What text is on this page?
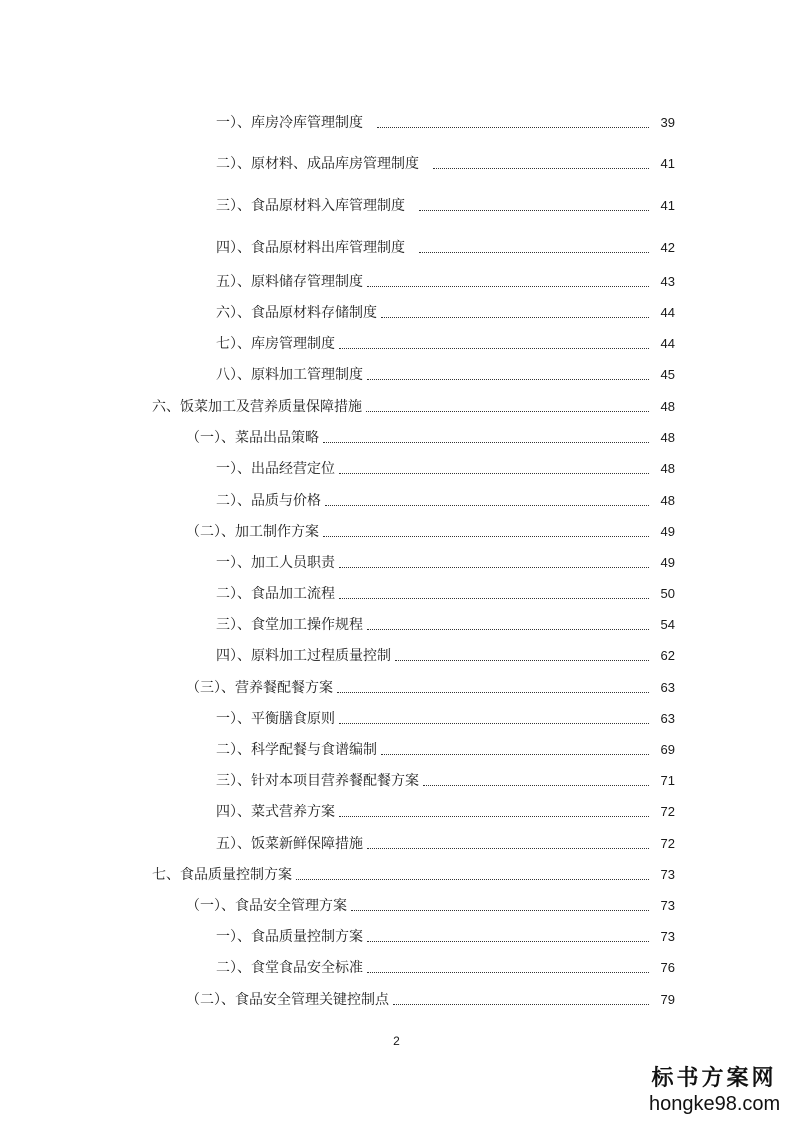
一）、库房冷库管理制度	39
二）、原材料、成品库房管理制度	41
三）、食品原材料入库管理制度	41
四）、食品原材料出库管理制度	42
五）、原料储存管理制度	43
六）、食品原材料存储制度	44
七）、库房管理制度	44
八）、原料加工管理制度	45
六、饭菜加工及营养质量保障措施	48
（一）、菜品出品策略	48
一）、出品经营定位	48
二）、品质与价格	48
（二）、加工制作方案	49
一）、加工人员职责	49
二）、食品加工流程	50
三）、食堂加工操作规程	54
四）、原料加工过程质量控制	62
（三）、营养餐配餐方案	63
一）、平衡膳食原则	63
二）、科学配餐与食谱编制	69
三）、针对本项目营养餐配餐方案	71
四）、菜式营养方案	72
五）、饭菜新鲜保障措施	72
七、食品质量控制方案	73
（一）、食品安全管理方案	73
一）、食品质量控制方案	73
二）、食堂食品安全标准	76
（二）、食品安全管理关键控制点	79
2
标书方案网
hongke98.com
